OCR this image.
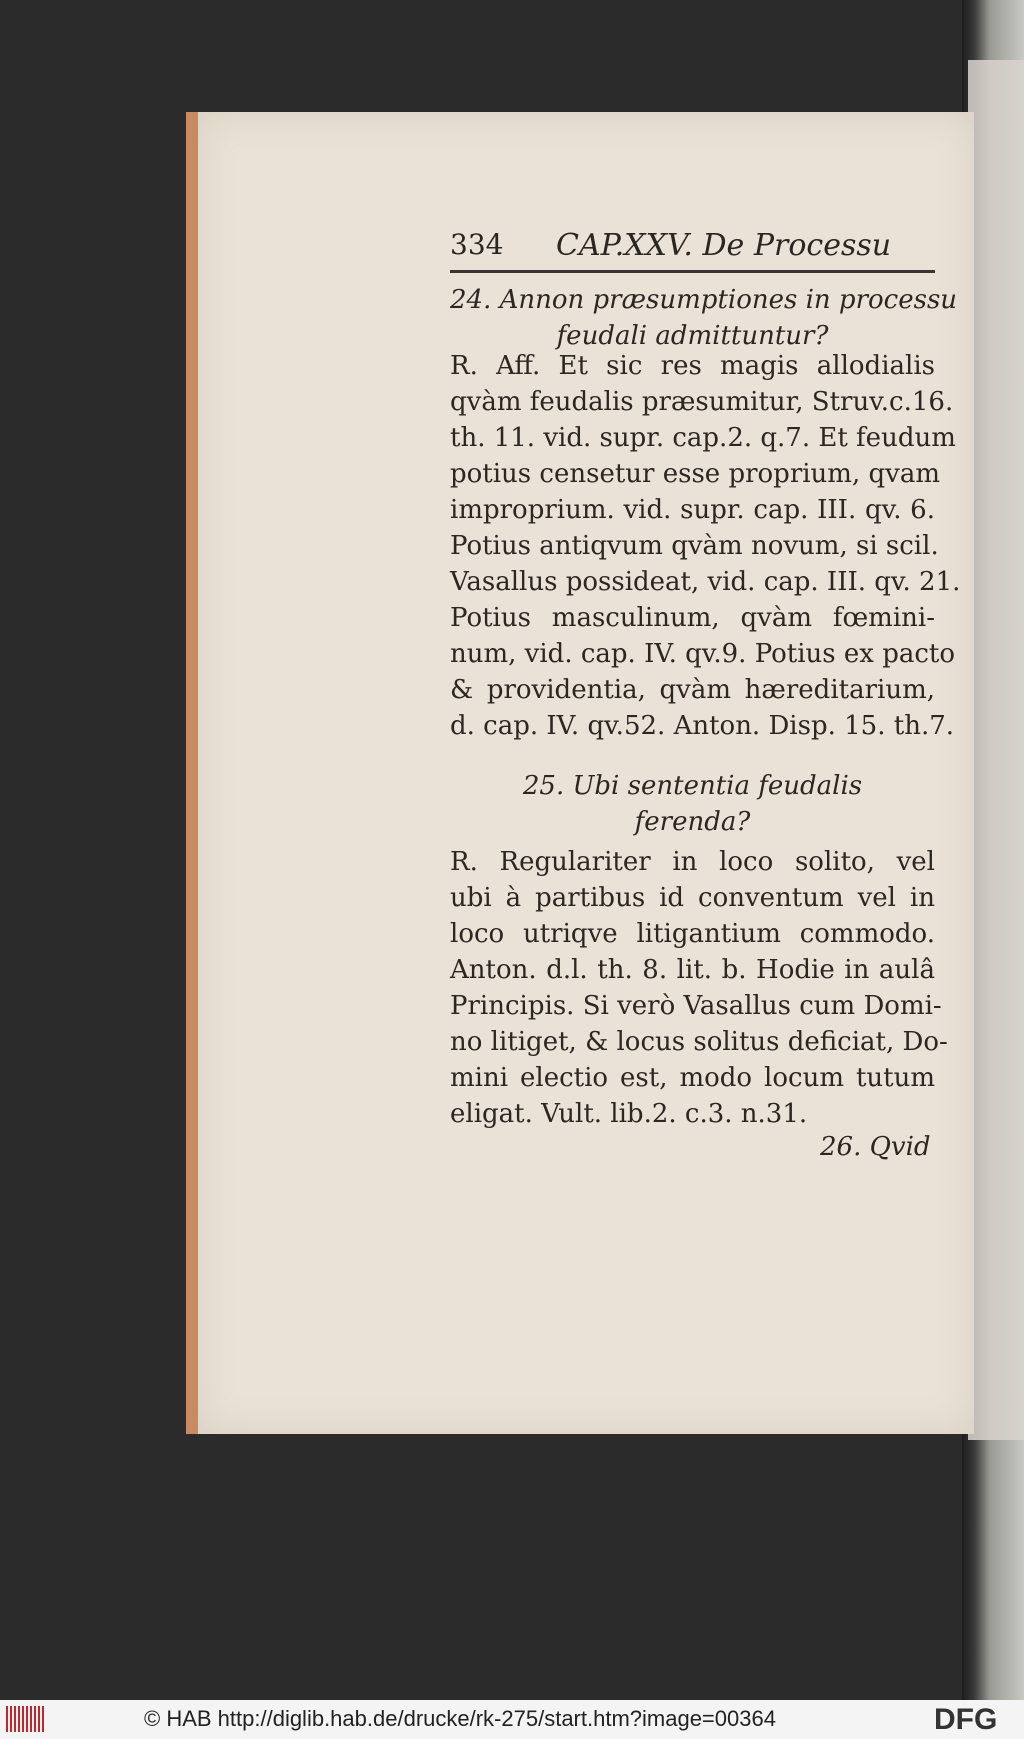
334 CAP.XXV. De Processu
24. Annon præsumptiones in processu
feudali admittuntur?
R. Aff. Et sic res magis allodialis
qvàm feudalis præsumitur, Struv.c.16.
th. 11. vid. supr. cap.2. q.7. Et feudum
potius censetur esse proprium, qvam
improprium. vid. supr. cap. III. qv. 6.
Potius antiqvum qvàm novum, si scil.
Vasallus possideat, vid. cap. III. qv. 21.
Potius masculinum, qvàm fœmini-
num, vid. cap. IV. qv.9. Potius ex pacto
& providentia, qvàm hæreditarium,
d. cap. IV. qv.52. Anton. Disp. 15. th.7.
25. Ubi sententia feudalis
ferenda?
R. Regulariter in loco solito, vel
ubi à partibus id conventum vel in
loco utriqve litigantium commodo.
Anton. d.l. th. 8. lit. b. Hodie in aulâ
Principis. Si verò Vasallus cum Domi-
no litiget, & locus solitus deficiat, Do-
mini electio est, modo locum tutum
eligat. Vult. lib.2. c.3. n.31.
26. Qvid
© HAB http://diglib.hab.de/drucke/rk-275/start.htm?image=00364	DFG
